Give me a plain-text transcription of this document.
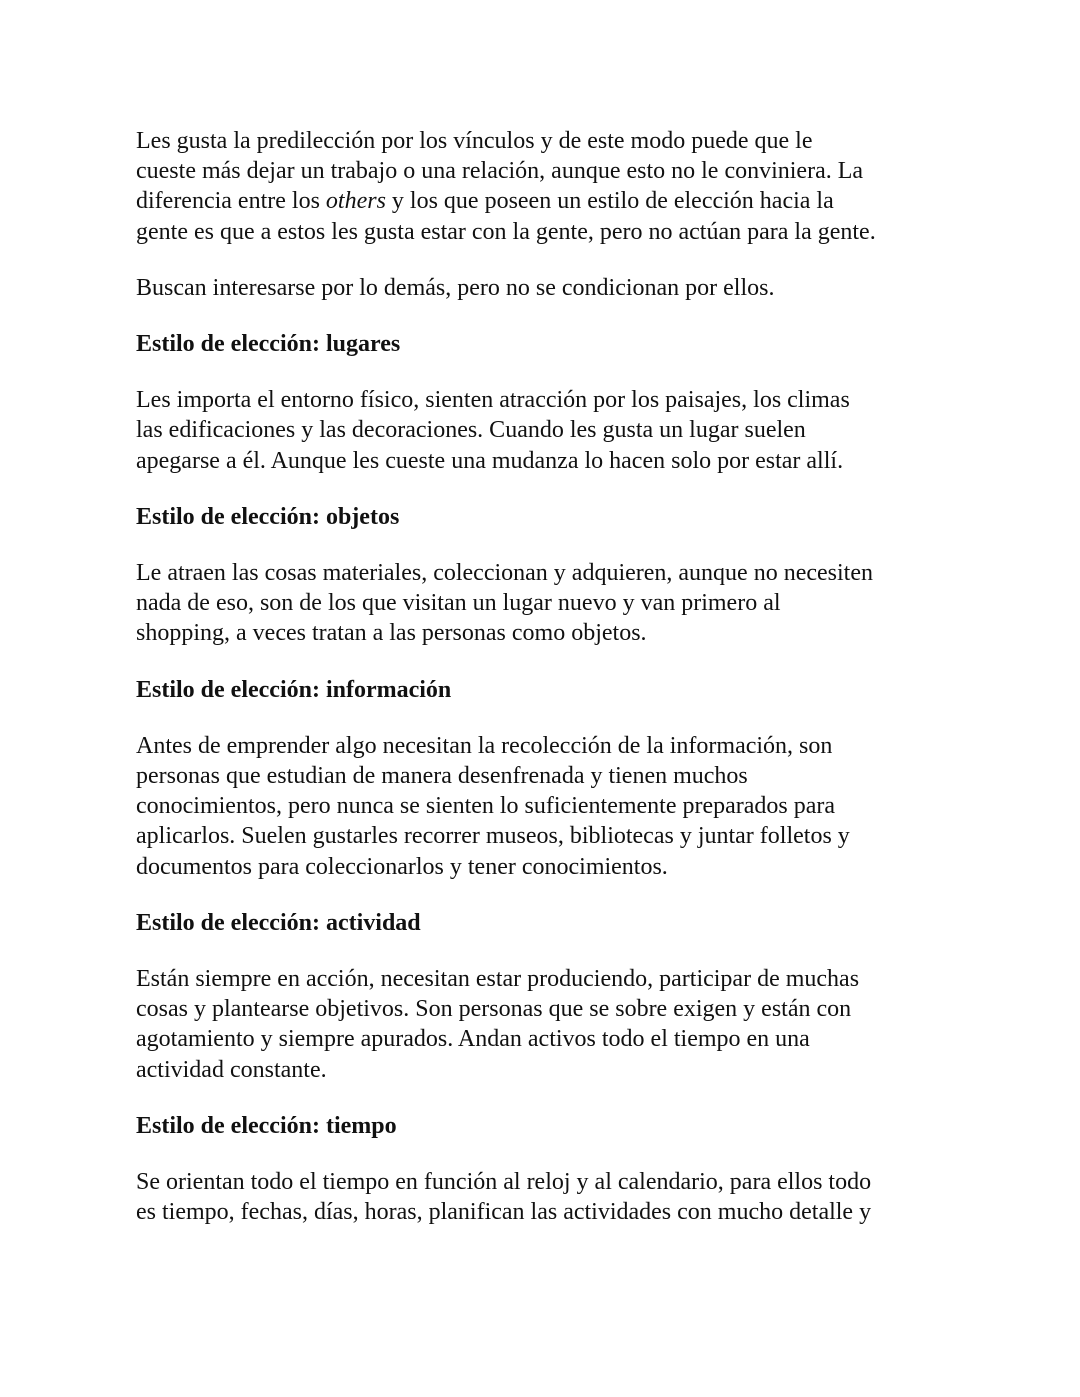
Les gusta la predilección por los vínculos y de este modo puede que le
cueste más dejar un trabajo o una relación, aunque esto no le conviniera. La
diferencia entre los others y los que poseen un estilo de elección hacia la
gente es que a estos les gusta estar con la gente, pero no actúan para la gente.

Buscan interesarse por lo demás, pero no se condicionan por ellos.

Estilo de elección: lugares

Les importa el entorno físico, sienten atracción por los paisajes, los climas
las edificaciones y las decoraciones. Cuando les gusta un lugar suelen
apegarse a él. Aunque les cueste una mudanza lo hacen solo por estar allí.

Estilo de elección: objetos

Le atraen las cosas materiales, coleccionan y adquieren, aunque no necesiten
nada de eso, son de los que visitan un lugar nuevo y van primero al
shopping, a veces tratan a las personas como objetos.

Estilo de elección: información

Antes de emprender algo necesitan la recolección de la información, son
personas que estudian de manera desenfrenada y tienen muchos
conocimientos, pero nunca se sienten lo suficientemente preparados para
aplicarlos. Suelen gustarles recorrer museos, bibliotecas y juntar folletos y
documentos para coleccionarlos y tener conocimientos.

Estilo de elección: actividad

Están siempre en acción, necesitan estar produciendo, participar de muchas
cosas y plantearse objetivos. Son personas que se sobre exigen y están con
agotamiento y siempre apurados. Andan activos todo el tiempo en una
actividad constante.

Estilo de elección: tiempo

Se orientan todo el tiempo en función al reloj y al calendario, para ellos todo
es tiempo, fechas, días, horas, planifican las actividades con mucho detalle y
